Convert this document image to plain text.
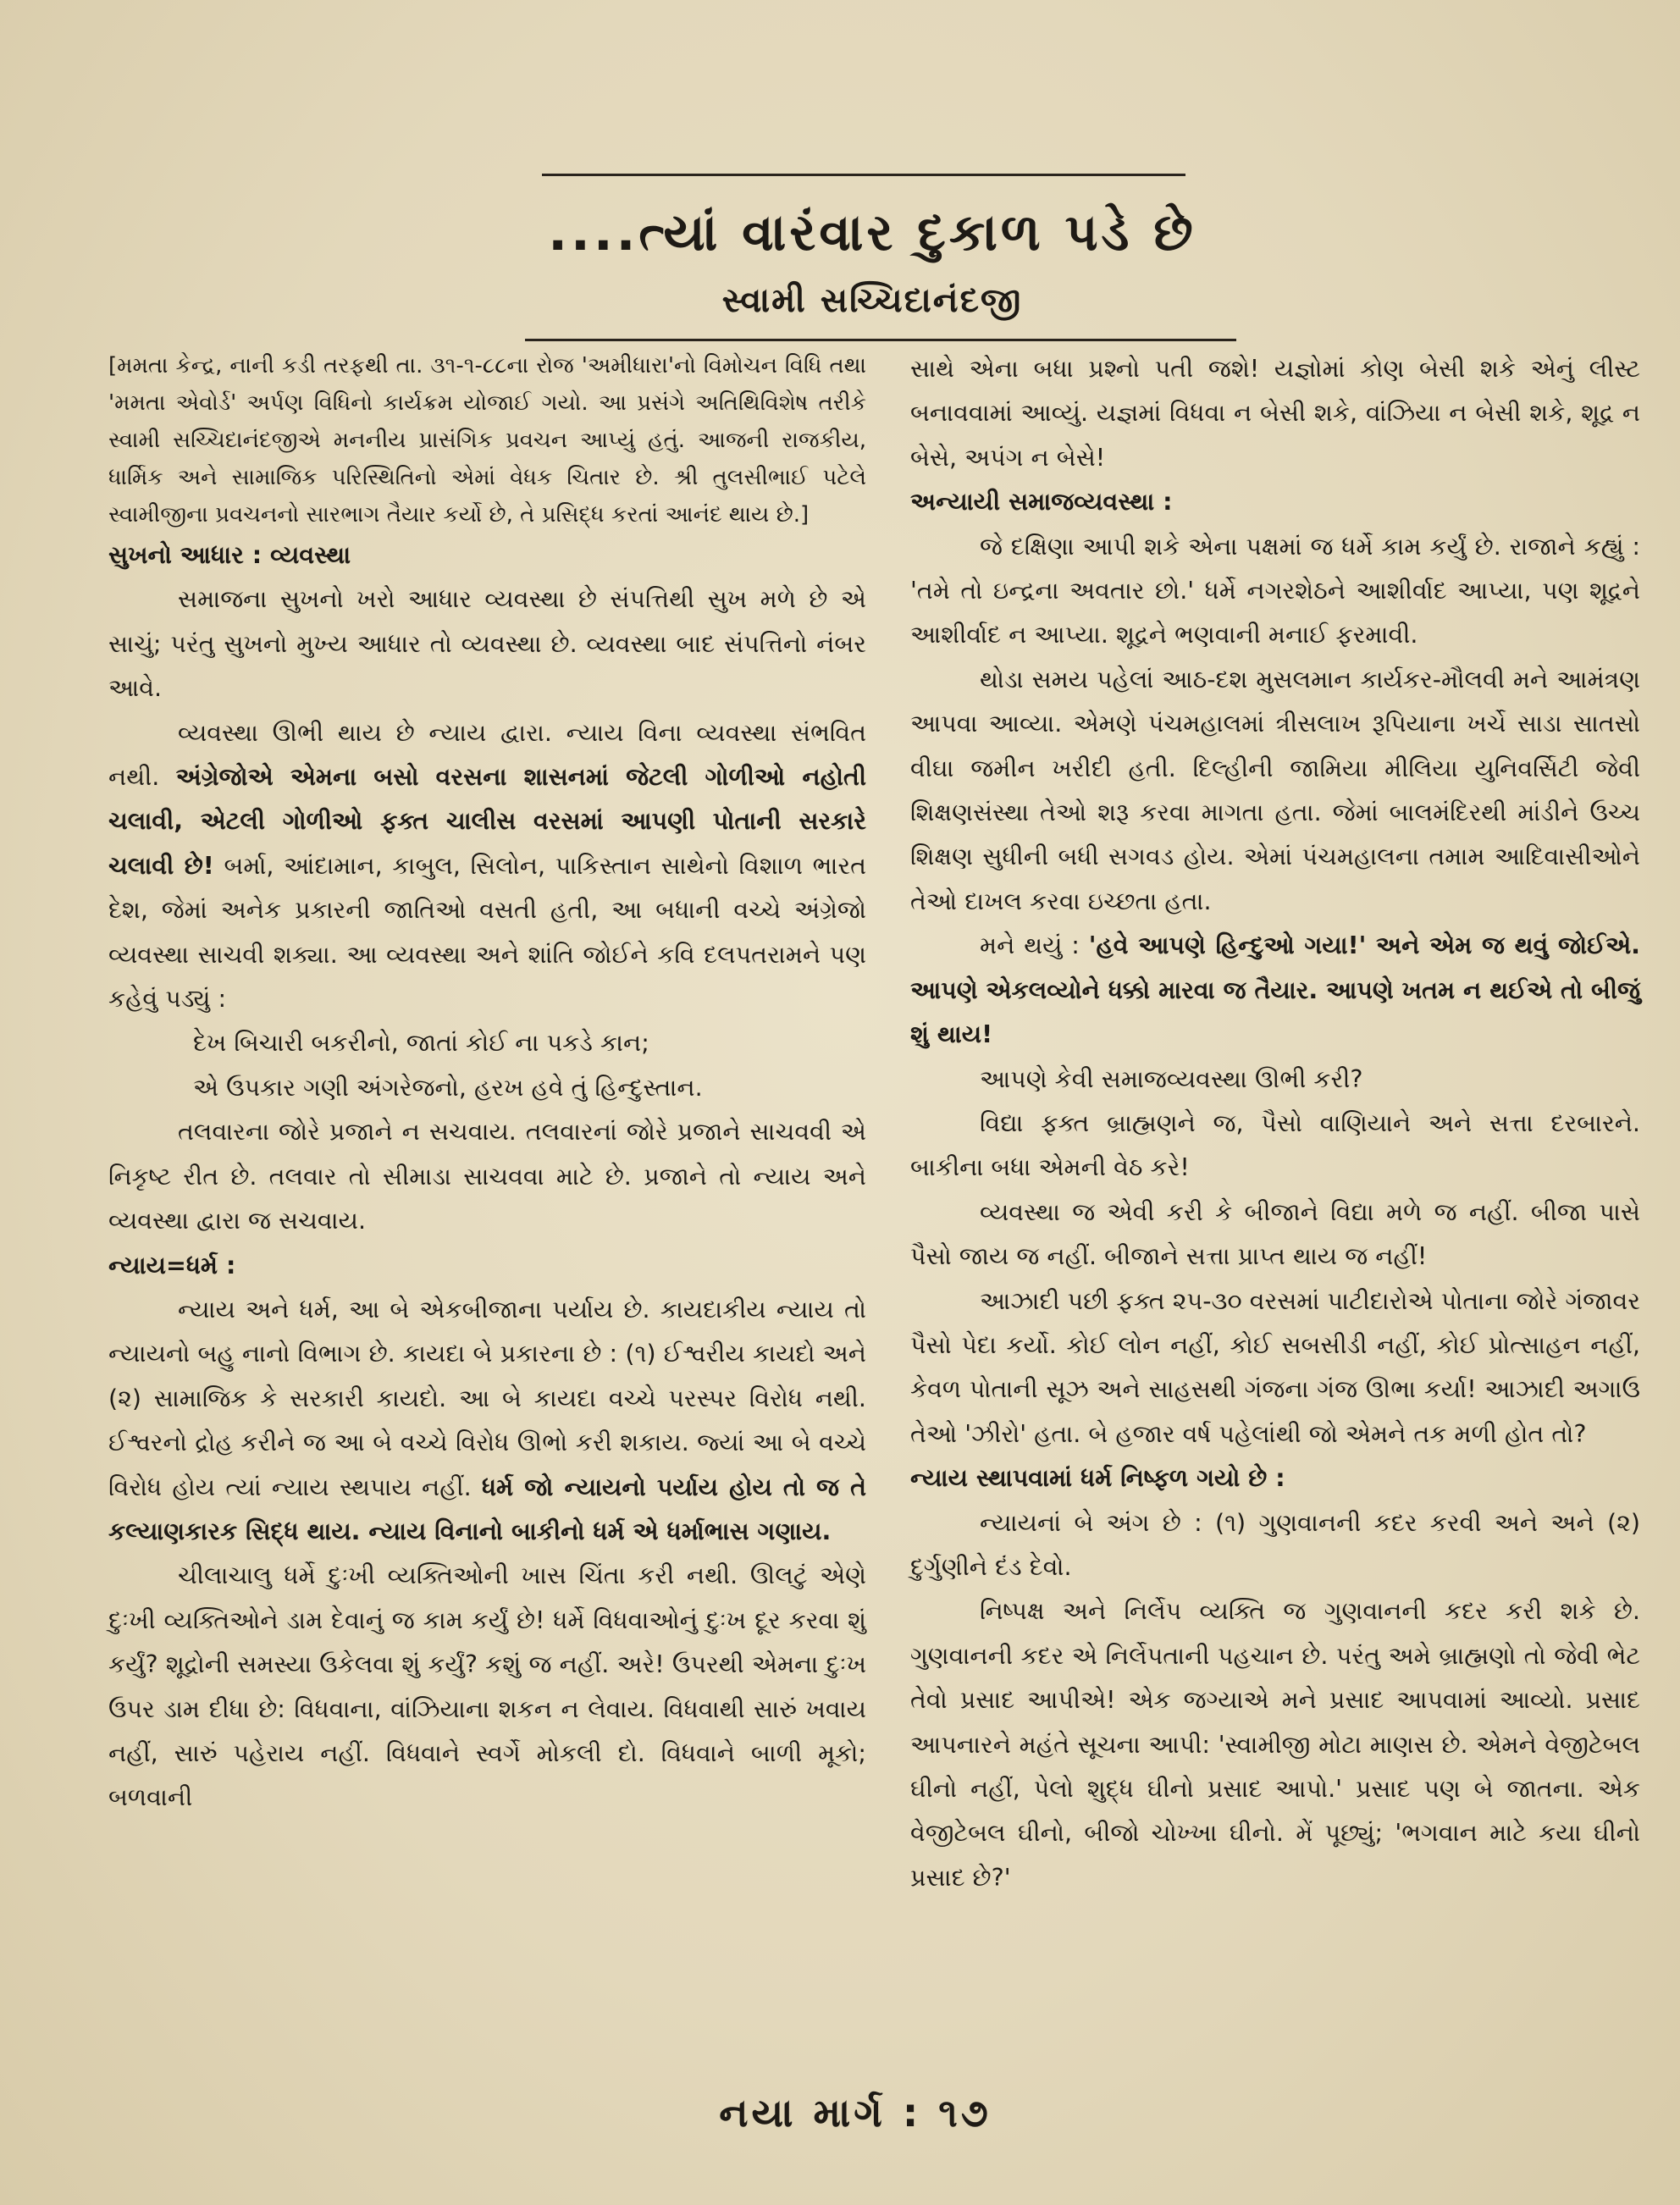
....ત્યાં વારંવાર દુકાળ પડે છે
સ્વામી સચ્ચિદાનંદજી

[મમતા કેન્દ્ર, નાની કડી તરફથી તા. ૩૧-૧-૮૮ના રોજ 'અમીધારા'નો વિમોચન વિધિ તથા 'મમતા એવોર્ડ' અર્પણ વિધિનો કાર્યક્રમ યોજાઈ ગયો. આ પ્રસંગે અતિથિવિશેષ તરીકે સ્વામી સચ્ચિદાનંદજીએ મનનીય પ્રાસંગિક પ્રવચન આપ્યું હતું. આજની રાજકીય, ધાર્મિક અને સામાજિક પરિસ્થિતિનો એમાં વેધક ચિતાર છે. શ્રી તુલસીભાઈ પટેલે સ્વામીજીના પ્રવચનનો સારભાગ તૈયાર કર્યો છે, તે પ્રસિદ્ધ કરતાં આનંદ થાય છે.]

સુખનો આધાર : વ્યવસ્થા

સમાજના સુખનો ખરો આધાર વ્યવસ્થા છે સંપત્તિથી સુખ મળે છે એ સાચું; પરંતુ સુખનો મુખ્ય આધાર તો વ્યવસ્થા છે. વ્યવસ્થા બાદ સંપત્તિનો નંબર આવે.

વ્યવસ્થા ઊભી થાય છે ન્યાય દ્વારા. ન્યાય વિના વ્યવસ્થા સંભવિત નથી. અંગ્રેજોએ એમના બસો વરસના શાસનમાં જેટલી ગોળીઓ નહોતી ચલાવી, એટલી ગોળીઓ ફક્ત ચાલીસ વરસમાં આપણી પોતાની સરકારે ચલાવી છે! બર્મા, આંદામાન, કાબુલ, સિલોન, પાકિસ્તાન સાથેનો વિશાળ ભારત દેશ, જેમાં અનેક પ્રકારની જાતિઓ વસતી હતી, આ બધાની વચ્ચે અંગ્રેજો વ્યવસ્થા સાચવી શક્યા. આ વ્યવસ્થા અને શાંતિ જોઈને કવિ દલપતરામને પણ કહેવું પડ્યું :

દેખ બિચારી બકરીનો, જાતાં કોઈ ના પકડે કાન;

એ ઉપકાર ગણી અંગરેજનો, હરખ હવે તું હિન્દુસ્તાન.

તલવારના જોરે પ્રજાને ન સચવાય. તલવારનાં જોરે પ્રજાને સાચવવી એ નિકૃષ્ટ રીત છે. તલવાર તો સીમાડા સાચવવા માટે છે. પ્રજાને તો ન્યાય અને વ્યવસ્થા દ્વારા જ સચવાય.

ન્યાય=ધર્મ :

ન્યાય અને ધર્મ, આ બે એકબીજાના પર્યાય છે. કાયદાકીય ન્યાય તો ન્યાયનો બહુ નાનો વિભાગ છે. કાયદા બે પ્રકારના છે : (૧) ઈશ્વરીય કાયદો અને (૨) સામાજિક કે સરકારી કાયદો. આ બે કાયદા વચ્ચે પરસ્પર વિરોધ નથી. ઈશ્વરનો દ્રોહ કરીને જ આ બે વચ્ચે વિરોધ ઊભો કરી શકાય. જ્યાં આ બે વચ્ચે વિરોધ હોય ત્યાં ન્યાય સ્થપાય નહીં. ધર્મ જો ન્યાયનો પર્યાય હોય તો જ તે કલ્યાણકારક સિદ્ધ થાય. ન્યાય વિનાનો બાકીનો ધર્મ એ ધર્માભાસ ગણાય.

ચીલાચાલુ ધર્મે દુઃખી વ્યક્તિઓની ખાસ ચિંતા કરી નથી. ઊલટું એણે દુઃખી વ્યક્તિઓને ડામ દેવાનું જ કામ કર્યું છે! ધર્મે વિધવાઓનું દુઃખ દૂર કરવા શું કર્યું? શૂદ્રોની સમસ્યા ઉકેલવા શું કર્યું? કશું જ નહીં. અરે! ઉપરથી એમના દુઃખ ઉપર ડામ દીધા છે: વિધવાના, વાંઝિયાના શકન ન લેવાય. વિધવાથી સારું ખવાય નહીં, સારું પહેરાય નહીં. વિધવાને સ્વર્ગે મોકલી દો. વિધવાને બાળી મૂકો; બળવાની

સાથે એના બધા પ્રશ્નો પતી જશે! યજ્ઞોમાં કોણ બેસી શકે એનું લીસ્ટ બનાવવામાં આવ્યું. યજ્ઞમાં વિધવા ન બેસી શકે, વાંઝિયા ન બેસી શકે, શૂદ્ર ન બેસે, અપંગ ન બેસે!

અન્યાયી સમાજવ્યવસ્થા :

જે દક્ષિણા આપી શકે એના પક્ષમાં જ ધર્મે કામ કર્યું છે. રાજાને કહ્યું : 'તમે તો ઇન્દ્રના અવતાર છો.' ધર્મે નગરશેઠને આશીર્વાદ આપ્યા, પણ શૂદ્રને આશીર્વાદ ન આપ્યા. શૂદ્રને ભણવાની મનાઈ ફરમાવી.

થોડા સમય પહેલાં આઠ-દશ મુસલમાન કાર્યકર-મૌલવી મને આમંત્રણ આપવા આવ્યા. એમણે પંચમહાલમાં ત્રીસલાખ રૂપિયાના ખર્ચે સાડા સાતસો વીઘા જમીન ખરીદી હતી. દિલ્હીની જામિયા મીલિયા યુનિવર્સિટી જેવી શિક્ષણસંસ્થા તેઓ શરૂ કરવા માગતા હતા. જેમાં બાલમંદિરથી માંડીને ઉચ્ચ શિક્ષણ સુધીની બધી સગવડ હોય. એમાં પંચમહાલના તમામ આદિવાસીઓને તેઓ દાખલ કરવા ઇચ્છતા હતા.

મને થયું : 'હવે આપણે હિન્દુઓ ગયા!' અને એમ જ થવું જોઈએ. આપણે એકલવ્યોને ધક્કો મારવા જ તૈયાર. આપણે ખતમ ન થઈએ તો બીજું શું થાય!

આપણે કેવી સમાજવ્યવસ્થા ઊભી કરી?

વિદ્યા ફક્ત બ્રાહ્મણને જ, પૈસો વાણિયાને અને સત્તા દરબારને. બાકીના બધા એમની વેઠ કરે!

વ્યવસ્થા જ એવી કરી કે બીજાને વિદ્યા મળે જ નહીં. બીજા પાસે પૈસો જાય જ નહીં. બીજાને સત્તા પ્રાપ્ત થાય જ નહીં!

આઝાદી પછી ફક્ત ૨૫-૩૦ વરસમાં પાટીદારોએ પોતાના જોરે ગંજાવર પૈસો પેદા કર્યો. કોઈ લોન નહીં, કોઈ સબસીડી નહીં, કોઈ પ્રોત્સાહન નહીં, કેવળ પોતાની સૂઝ અને સાહસથી ગંજના ગંજ ઊભા કર્યા! આઝાદી અગાઉ તેઓ 'ઝીરો' હતા. બે હજાર વર્ષ પહેલાંથી જો એમને તક મળી હોત તો?

ન્યાય સ્થાપવામાં ધર્મ નિષ્ફળ ગયો છે :

ન્યાયનાં બે અંગ છે : (૧) ગુણવાનની કદર કરવી અને અને (૨) દુર્ગુણીને દંડ દેવો.

નિષ્પક્ષ અને નિર્લેપ વ્યક્તિ જ ગુણવાનની કદર કરી શકે છે. ગુણવાનની કદર એ નિર્લેપતાની પહચાન છે. પરંતુ અમે બ્રાહ્મણો તો જેવી ભેટ તેવો પ્રસાદ આપીએ! એક જગ્યાએ મને પ્રસાદ આપવામાં આવ્યો. પ્રસાદ આપનારને મહંતે સૂચના આપી: 'સ્વામીજી મોટા માણસ છે. એમને વેજીટેબલ ઘીનો નહીં, પેલો શુદ્ધ ઘીનો પ્રસાદ આપો.' પ્રસાદ પણ બે જાતના. એક વેજીટેબલ ઘીનો, બીજો ચોખ્ખા ઘીનો. મેં પૂછ્યું; 'ભગવાન માટે કયા ઘીનો પ્રસાદ છે?'

નયા માર્ગ : ૧૭
